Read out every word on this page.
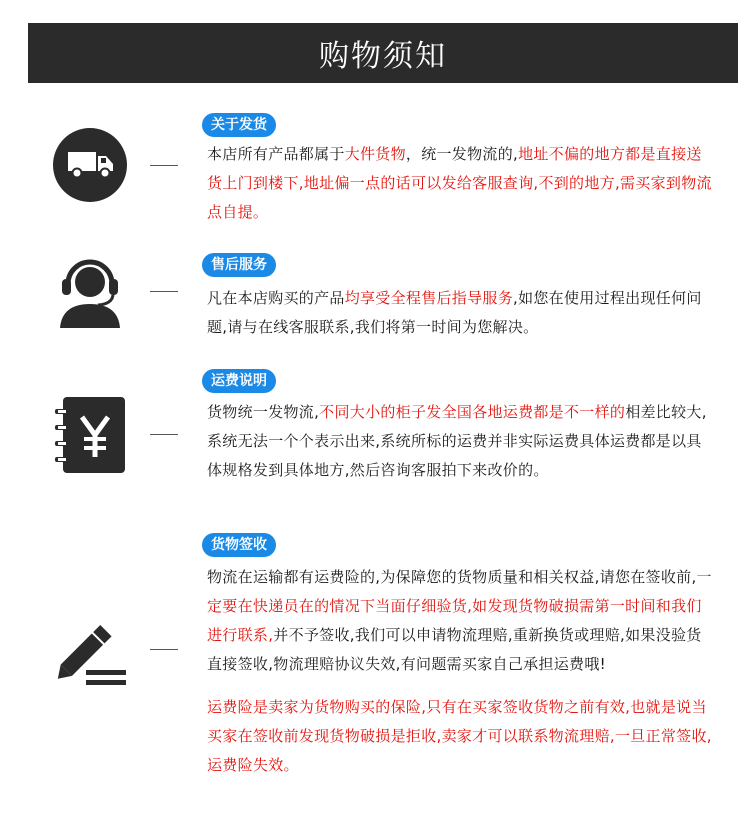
购物须知
关于发货
本店所有产品都属于大件货物，统一发物流的,地址不偏的地方都是直接送货上门到楼下,地址偏一点的话可以发给客服查询,不到的地方,需买家到物流点自提。
售后服务
凡在本店购买的产品均享受全程售后指导服务,如您在使用过程出现任何问题,请与在线客服联系,我们将第一时间为您解决。
运费说明
货物统一发物流,不同大小的柜子发全国各地运费都是不一样的相差比较大,系统无法一个个表示出来,系统所标的运费并非实际运费具体运费都是以具体规格发到具体地方,然后咨询客服拍下来改价的。
货物签收
物流在运输都有运费险的,为保障您的货物质量和相关权益,请您在签收前,一定要在快递员在的情况下当面仔细验货,如发现货物破损需第一时间和我们进行联系,并不予签收,我们可以申请物流理赔,重新换货或理赔,如果没验货直接签收,物流理赔协议失效,有问题需买家自己承担运费哦!
运费险是卖家为货物购买的保险,只有在买家签收货物之前有效,也就是说当买家在签收前发现货物破损是拒收,卖家才可以联系物流理赔,一旦正常签收,运费险失效。
